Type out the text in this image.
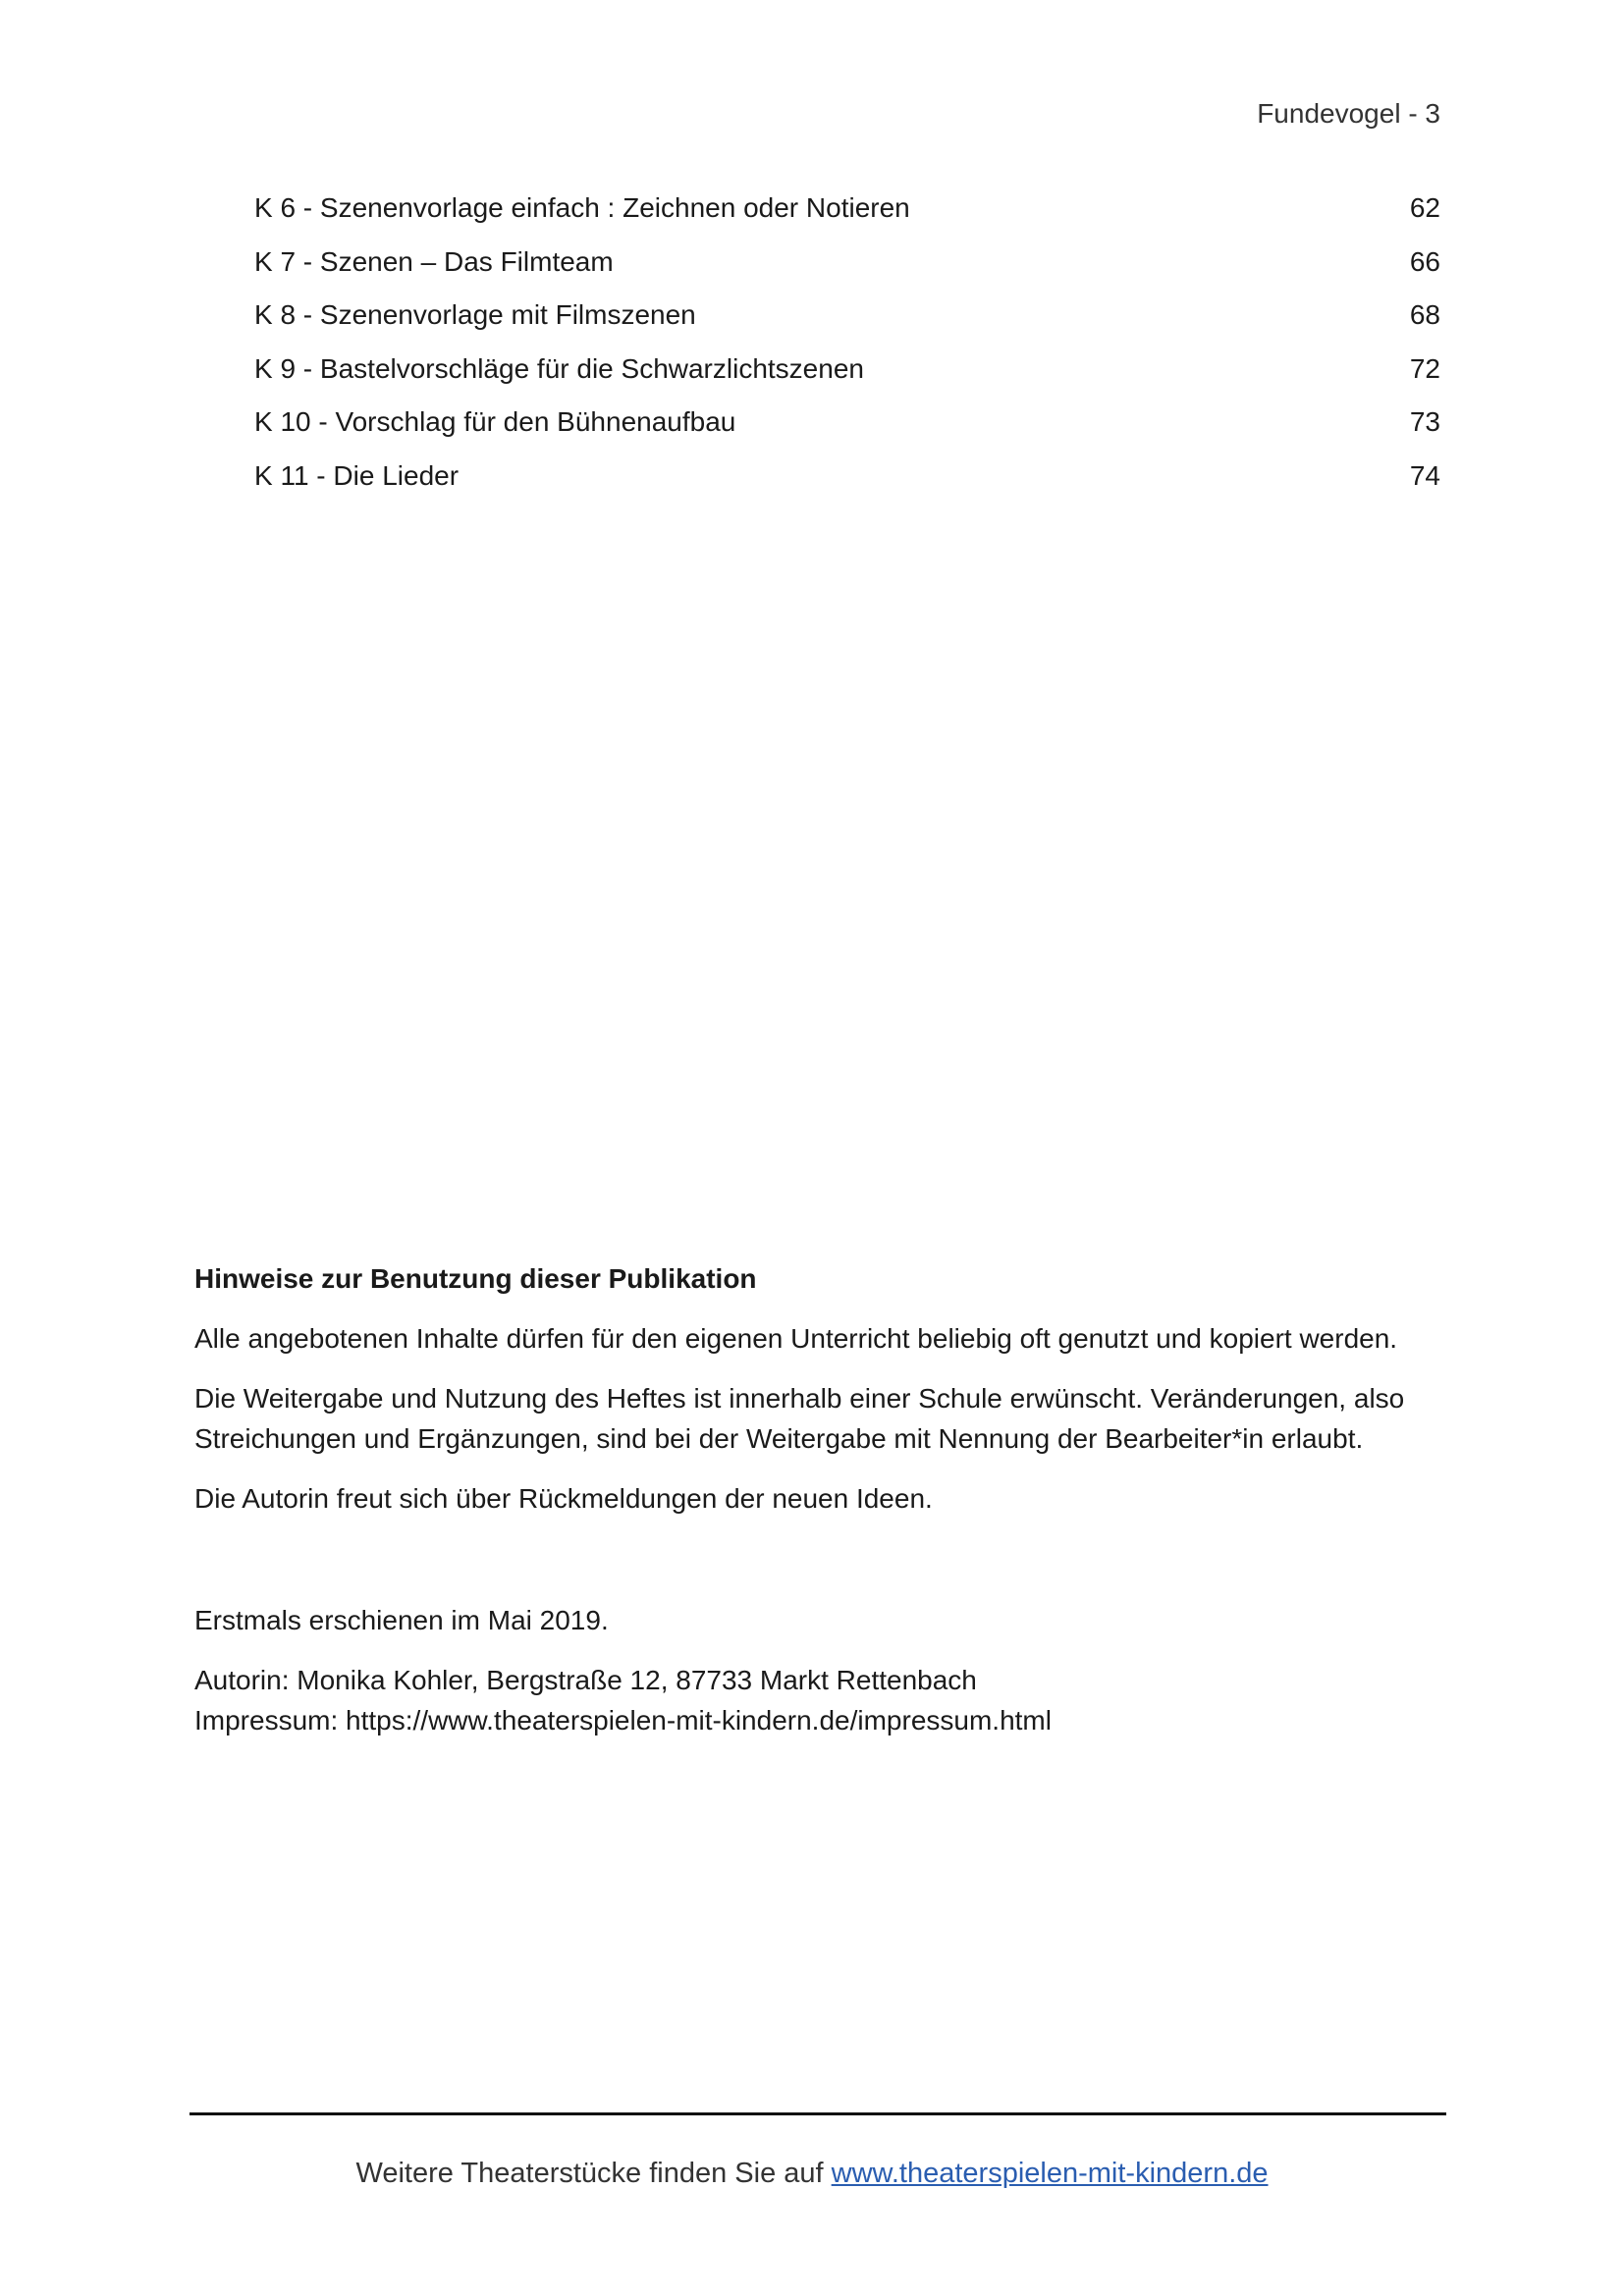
Fundevogel - 3
K 6 - Szenenvorlage einfach : Zeichnen oder Notieren	62
K 7 - Szenen – Das Filmteam	66
K 8 - Szenenvorlage mit Filmszenen	68
K 9 - Bastelvorschläge für die Schwarzlichtszenen	72
K 10 - Vorschlag für den Bühnenaufbau	73
K 11 - Die Lieder	74
Hinweise zur Benutzung dieser Publikation

Alle angebotenen Inhalte dürfen für den eigenen Unterricht beliebig oft genutzt und kopiert werden.

Die Weitergabe und Nutzung des Heftes ist innerhalb einer Schule erwünscht. Veränderungen, also Streichungen und Ergänzungen, sind bei der Weitergabe mit Nennung der Bearbeiter*in erlaubt.

Die Autorin freut sich über Rückmeldungen der neuen Ideen.

Erstmals erschienen im Mai 2019.

Autorin: Monika Kohler, Bergstraße 12, 87733 Markt Rettenbach
Impressum: https://www.theaterspielen-mit-kindern.de/impressum.html

Weitere Theaterstücke finden Sie auf www.theaterspielen-mit-kindern.de
